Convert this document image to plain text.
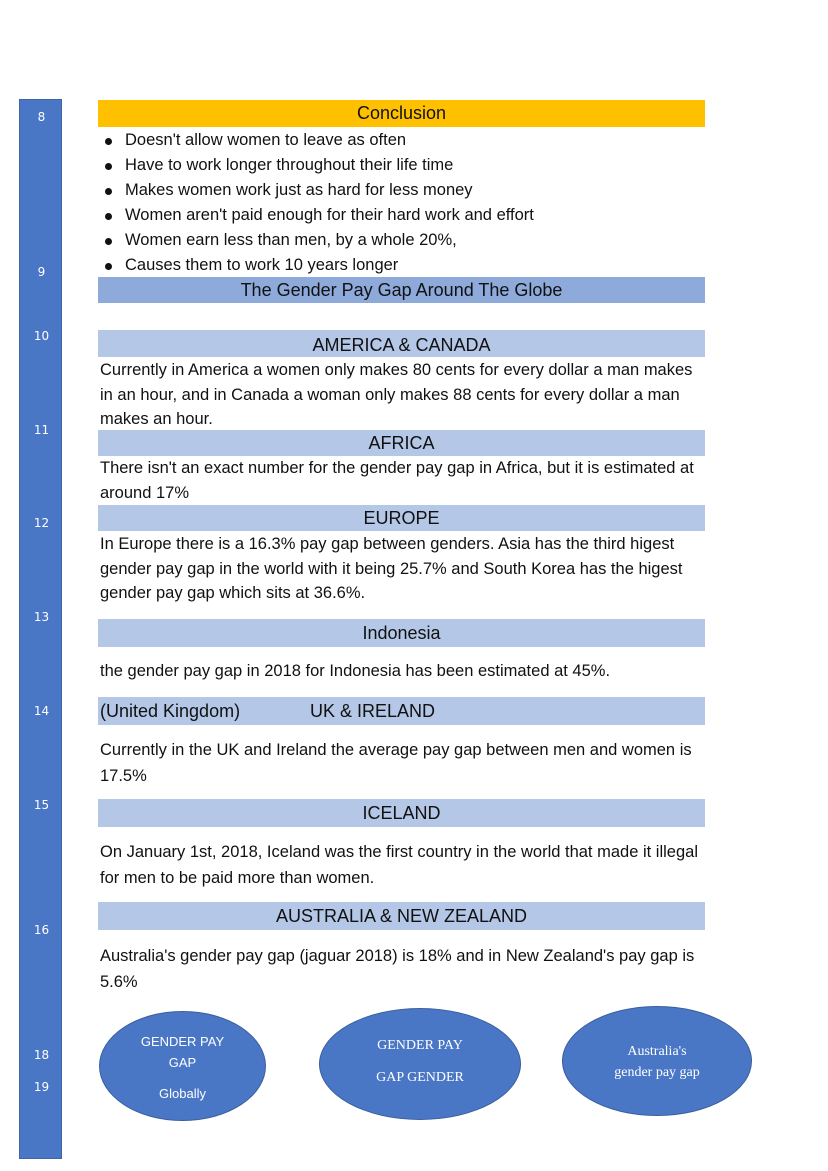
8
9
10
11
12
13
14
15
16
18
19
Conclusion
Doesn't allow women to leave as often
Have to work longer throughout their life time
Makes women work just as hard for less money
Women aren't paid enough for their hard work and effort
Women earn less than men, by a whole 20%,
Causes them to work 10 years longer
The Gender Pay Gap Around The Globe
AMERICA & CANADA

Currently in America a women only makes 80 cents for every dollar a man makes in an hour, and in Canada a woman only makes 88 cents for every dollar a man makes an hour.

AFRICA

There isn't an exact number for the gender pay gap in Africa, but it is estimated at around 17%

EUROPE

In Europe there is a 16.3% pay gap between genders. Asia has the third higest gender pay gap in the world with it being 25.7% and South Korea has the higest gender pay gap which sits at 36.6%.

Indonesia

the gender pay gap in 2018 for Indonesia has been estimated at 45%.

(United Kingdom)	UK & IRELAND

Currently in the UK and Ireland the average pay gap between men and women is 17.5%

ICELAND

On January 1st, 2018, Iceland was the first country in the world that made it illegal for men to be paid more than women.

AUSTRALIA & NEW ZEALAND

Australia's gender pay gap (jaguar 2018) is 18% and in New Zealand's pay gap is 5.6%

GENDER PAY
GAP
Globally
GENDER PAY
GAP GENDER
Australia's
gender pay gap
